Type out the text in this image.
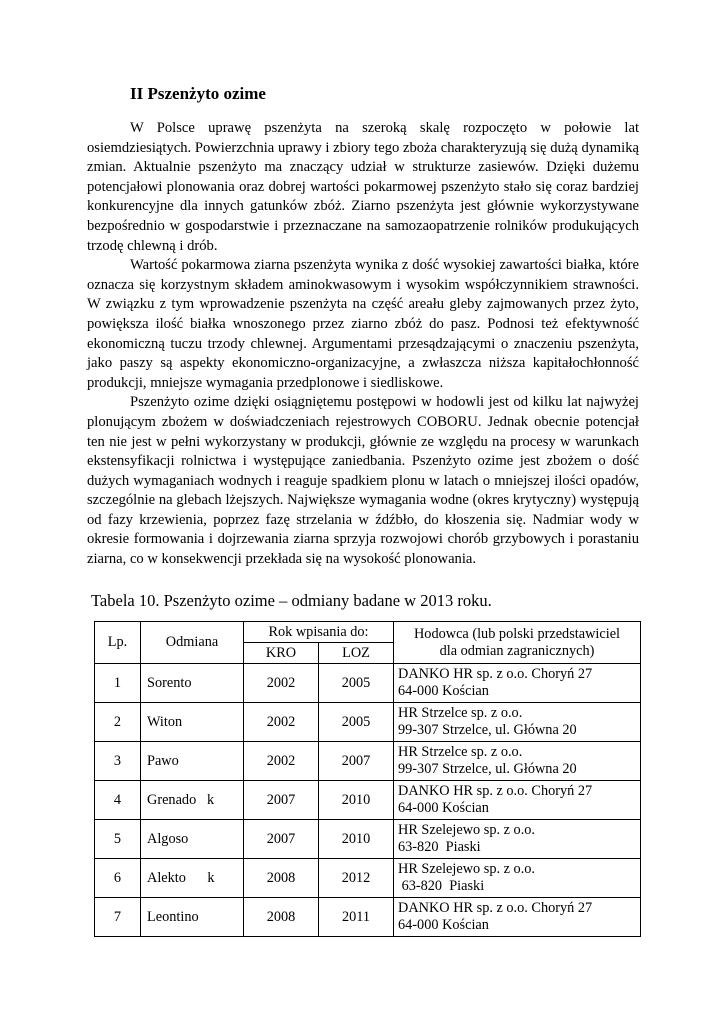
II Pszenżyto ozime

W Polsce uprawę pszenżyta na szeroką skalę rozpoczęto w połowie lat osiemdziesiątych. Powierzchnia uprawy i zbiory tego zboża charakteryzują się dużą dynamiką zmian. Aktualnie pszenżyto ma znaczący udział w strukturze zasiewów. Dzięki dużemu potencjałowi plonowania oraz dobrej wartości pokarmowej pszenżyto stało się coraz bardziej konkurencyjne dla innych gatunków zbóż. Ziarno pszenżyta jest głównie wykorzystywane bezpośrednio w gospodarstwie i przeznaczane na samozaopatrzenie rolników produkujących trzodę chlewną i drób.

Wartość pokarmowa ziarna pszenżyta wynika z dość wysokiej zawartości białka, które oznacza się korzystnym składem aminokwasowym i wysokim współczynnikiem strawności. W związku z tym wprowadzenie pszenżyta na część areału gleby zajmowanych przez żyto, powiększa ilość białka wnoszonego przez ziarno zbóż do pasz. Podnosi też efektywność ekonomiczną tuczu trzody chlewnej. Argumentami przesądzającymi o znaczeniu pszenżyta, jako paszy są aspekty ekonomiczno-organizacyjne, a zwłaszcza niższa kapitałochłonność produkcji, mniejsze wymagania przedplonowe i siedliskowe.

Pszenżyto ozime dzięki osiągniętemu postępowi w hodowli jest od kilku lat najwyżej plonującym zbożem w doświadczeniach rejestrowych COBORU. Jednak obecnie potencjał ten nie jest w pełni wykorzystany w produkcji, głównie ze względu na procesy w warunkach ekstensyfikacji rolnictwa i występujące zaniedbania. Pszenżyto ozime jest zbożem o dość dużych wymaganiach wodnych i reaguje spadkiem plonu w latach o mniejszej ilości opadów, szczególnie na glebach lżejszych. Największe wymagania wodne (okres krytyczny) występują od fazy krzewienia, poprzez fazę strzelania w źdźbło, do kłoszenia się. Nadmiar wody w okresie formowania i dojrzewania ziarna sprzyja rozwojowi chorób grzybowych i porastaniu ziarna, co w konsekwencji przekłada się na wysokość plonowania.

Tabela 10. Pszenżyto ozime – odmiany badane w 2013 roku.

Lp.	Odmiana	Rok wpisania do:		Hodowca (lub polski przedstawiciel
dla odmian zagranicznych)

		KRO	LOZ	
1	Sorento	2002	2005	DANKO HR sp. z o.o. Choryń 27
64-000 Kościan

2	Witon	2002	2005	HR Strzelce sp. z o.o.
99-307 Strzelce, ul. Główna 20

3	Pawo	2002	2007	HR Strzelce sp. z o.o.
99-307 Strzelce, ul. Główna 20

4	Grenado   k	2007	2010	DANKO HR sp. z o.o. Choryń 27
64-000 Kościan

5	Algoso	2007	2010	HR Szelejewo sp. z o.o.
63-820  Piaski

6	Alekto      k	2008	2012	HR Szelejewo sp. z o.o.
63-820  Piaski

7	Leontino	2008	2011	DANKO HR sp. z o.o. Choryń 27
64-000 Kościan
